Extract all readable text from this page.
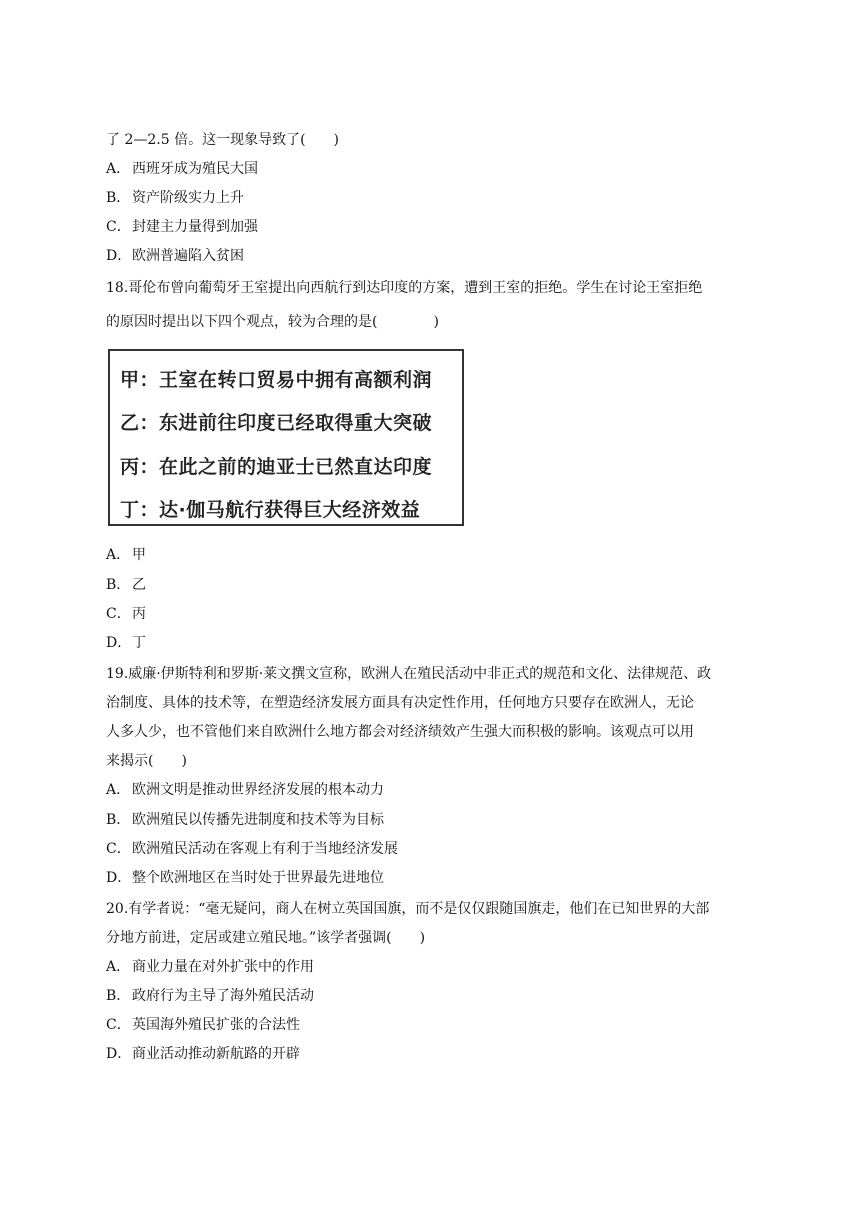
了 2—2.5 倍。这一现象导致了(　　)
A． 西班牙成为殖民大国
B． 资产阶级实力上升
C．封建主力量得到加强
D．欧洲普遍陷入贫困
18.哥伦布曾向葡萄牙王室提出向西航行到达印度的方案，遭到王室的拒绝。学生在讨论王室拒绝
的原因时提出以下四个观点，较为合理的是(　　　　)
甲：王室在转口贸易中拥有高额利润
乙：东进前往印度已经取得重大突破
丙：在此之前的迪亚士已然直达印度
丁：达·伽马航行获得巨大经济效益
A． 甲
B． 乙
C．丙
D．丁
19.威廉·伊斯特利和罗斯·莱文撰文宣称，欧洲人在殖民活动中非正式的规范和文化、法律规范、政
治制度、具体的技术等，在塑造经济发展方面具有决定性作用，任何地方只要存在欧洲人，无论
人多人少，也不管他们来自欧洲什么地方都会对经济绩效产生强大而积极的影响。该观点可以用
来揭示(　　)
A． 欧洲文明是推动世界经济发展的根本动力
B． 欧洲殖民以传播先进制度和技术等为目标
C．欧洲殖民活动在客观上有利于当地经济发展
D．整个欧洲地区在当时处于世界最先进地位
20.有学者说：“毫无疑问，商人在树立英国国旗，而不是仅仅跟随国旗走，他们在已知世界的大部
分地方前进，定居或建立殖民地。”该学者强调(　　)
A． 商业力量在对外扩张中的作用
B． 政府行为主导了海外殖民活动
C．英国海外殖民扩张的合法性
D．商业活动推动新航路的开辟
